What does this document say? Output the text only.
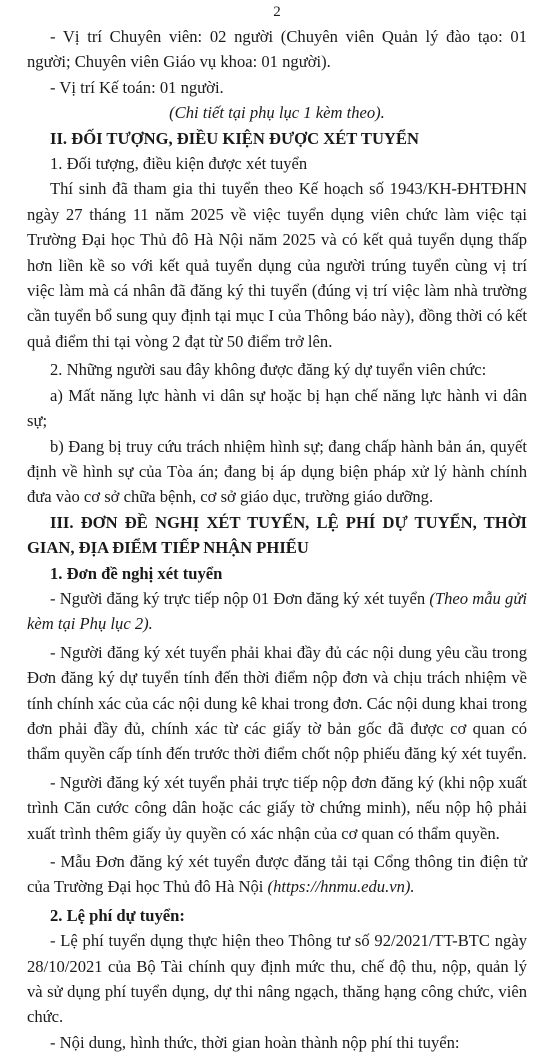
2

- Vị trí Chuyên viên: 02 người (Chuyên viên Quản lý đào tạo: 01 người; Chuyên viên Giáo vụ khoa: 01 người).

- Vị trí Kế toán: 01 người.

(Chi tiết tại phụ lục 1 kèm theo).

II. ĐỐI TƯỢNG, ĐIỀU KIỆN ĐƯỢC XÉT TUYỂN

1. Đối tượng, điều kiện được xét tuyển

Thí sinh đã tham gia thi tuyển theo Kế hoạch số 1943/KH-ĐHTĐHN ngày 27 tháng 11 năm 2025 về việc tuyển dụng viên chức làm việc tại Trường Đại học Thủ đô Hà Nội năm 2025 và có kết quả tuyển dụng thấp hơn liền kề so với kết quả tuyển dụng của người trúng tuyển cùng vị trí việc làm mà cá nhân đã đăng ký thi tuyển (đúng vị trí việc làm nhà trường cần tuyển bổ sung quy định tại mục I của Thông báo này), đồng thời có kết quả điểm thi tại vòng 2 đạt từ 50 điểm trở lên.

2. Những người sau đây không được đăng ký dự tuyển viên chức:

a) Mất năng lực hành vi dân sự hoặc bị hạn chế năng lực hành vi dân sự;

b) Đang bị truy cứu trách nhiệm hình sự; đang chấp hành bản án, quyết định về hình sự của Tòa án; đang bị áp dụng biện pháp xử lý hành chính đưa vào cơ sở chữa bệnh, cơ sở giáo dục, trường giáo dưỡng.

III. ĐƠN ĐỀ NGHỊ XÉT TUYỂN, LỆ PHÍ DỰ TUYỂN, THỜI GIAN, ĐỊA ĐIỂM TIẾP NHẬN PHIẾU

1. Đơn đề nghị xét tuyển

- Người đăng ký trực tiếp nộp 01 Đơn đăng ký xét tuyển (Theo mẫu gửi kèm tại Phụ lục 2).

- Người đăng ký xét tuyển phải khai đầy đủ các nội dung yêu cầu trong Đơn đăng ký dự tuyển tính đến thời điểm nộp đơn và chịu trách nhiệm về tính chính xác của các nội dung kê khai trong đơn. Các nội dung khai trong đơn phải đầy đủ, chính xác từ các giấy tờ bản gốc đã được cơ quan có thẩm quyền cấp tính đến trước thời điểm chốt nộp phiếu đăng ký xét tuyển.

- Người đăng ký xét tuyển phải trực tiếp nộp đơn đăng ký (khi nộp xuất trình Căn cước công dân hoặc các giấy tờ chứng minh), nếu nộp hộ phải xuất trình thêm giấy ủy quyền có xác nhận của cơ quan có thẩm quyền.

- Mẫu Đơn đăng ký xét tuyển được đăng tải tại Cổng thông tin điện tử của Trường Đại học Thủ đô Hà Nội (https://hnmu.edu.vn).

2. Lệ phí dự tuyển:

- Lệ phí tuyển dụng thực hiện theo Thông tư số 92/2021/TT-BTC ngày 28/10/2021 của Bộ Tài chính quy định mức thu, chế độ thu, nộp, quản lý và sử dụng phí tuyển dụng, dự thi nâng ngạch, thăng hạng công chức, viên chức.

- Nội dung, hình thức, thời gian hoàn thành nộp phí thi tuyển:
